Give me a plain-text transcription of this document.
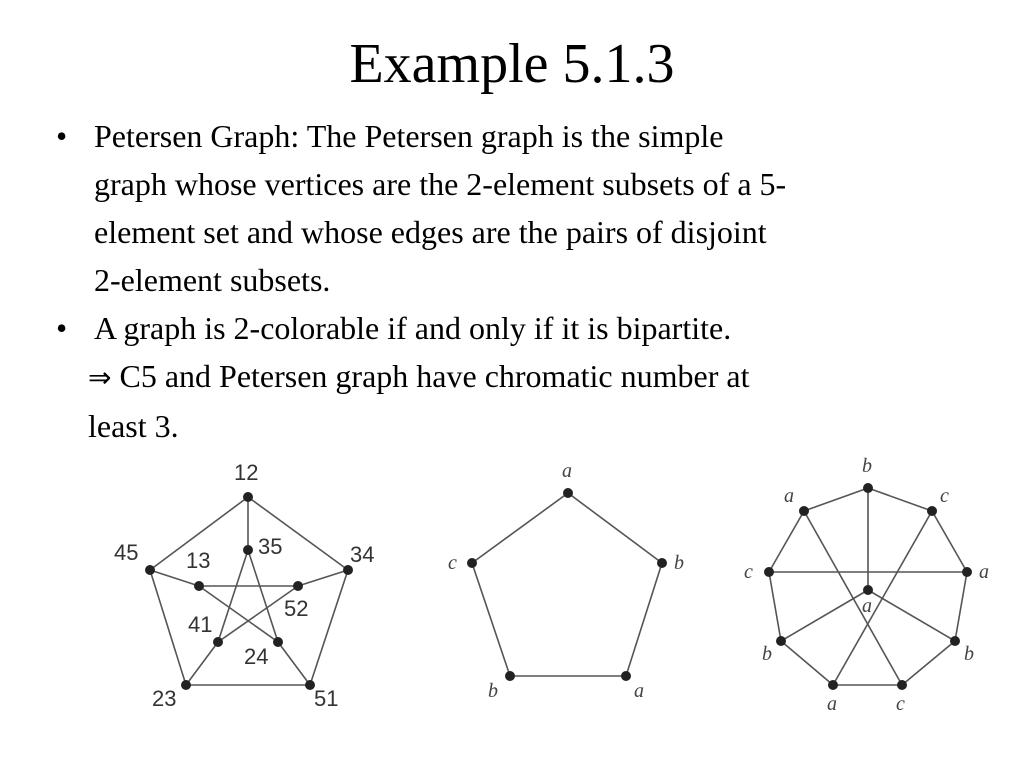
Example 5.1.3
• Petersen Graph: The Petersen graph is the simple
graph whose vertices are the 2-element subsets of a 5-
element set and whose edges are the pairs of disjoint
2-element subsets.
• A graph is 2-colorable if and only if it is bipartite.
⇒ C5 and Petersen graph have chromatic number at
least 3.
12
34
51
23
45	35
52
24
41
13
a
b
a
b
c
b
c
a
b
c
a
b
a
c
a
